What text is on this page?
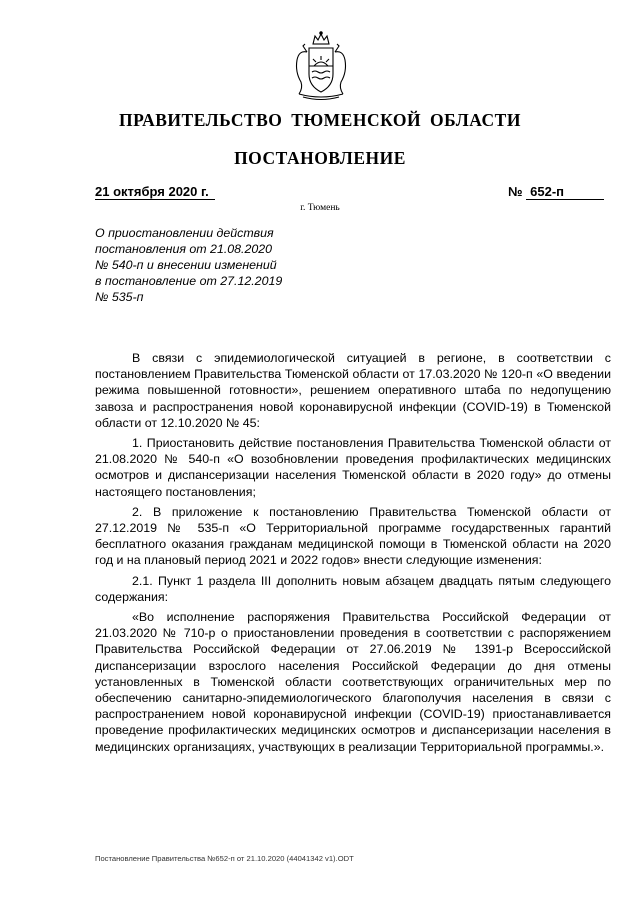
ПРАВИТЕЛЬСТВО ТЮМЕНСКОЙ ОБЛАСТИ
ПОСТАНОВЛЕНИЕ
21 октября 2020 г.	№ 652-п
г. Тюмень
О приостановлении действия
постановления от 21.08.2020
№ 540-п и внесении изменений
в постановление от 27.12.2019
№ 535-п

В связи с эпидемиологической ситуацией в регионе, в соответствии с постановлением Правительства Тюменской области от 17.03.2020 № 120-п «О введении режима повышенной готовности», решением оперативного штаба по недопущению завоза и распространения новой коронавирусной инфекции (COVID-19) в Тюменской области от 12.10.2020 № 45:

1. Приостановить действие постановления Правительства Тюменской области от 21.08.2020 № 540-п «О возобновлении проведения профилактических медицинских осмотров и диспансеризации населения Тюменской области в 2020 году» до отмены настоящего постановления;

2. В приложение к постановлению Правительства Тюменской области от 27.12.2019 № 535-п «О Территориальной программе государственных гарантий бесплатного оказания гражданам медицинской помощи в Тюменской области на 2020 год и на плановый период 2021 и 2022 годов» внести следующие изменения:

2.1. Пункт 1 раздела III дополнить новым абзацем двадцать пятым следующего содержания:

«Во исполнение распоряжения Правительства Российской Федерации от 21.03.2020 № 710-р о приостановлении проведения в соответствии с распоряжением Правительства Российской Федерации от 27.06.2019 № 1391-р Всероссийской диспансеризации взрослого населения Российской Федерации до дня отмены установленных в Тюменской области соответствующих ограничительных мер по обеспечению санитарно-эпидемиологического благополучия населения в связи с распространением новой коронавирусной инфекции (COVID-19) приостанавливается проведение профилактических медицинских осмотров и диспансеризации населения в медицинских организациях, участвующих в реализации Территориальной программы.».

Постановление Правительства №652-п от 21.10.2020 (44041342 v1).ODT
